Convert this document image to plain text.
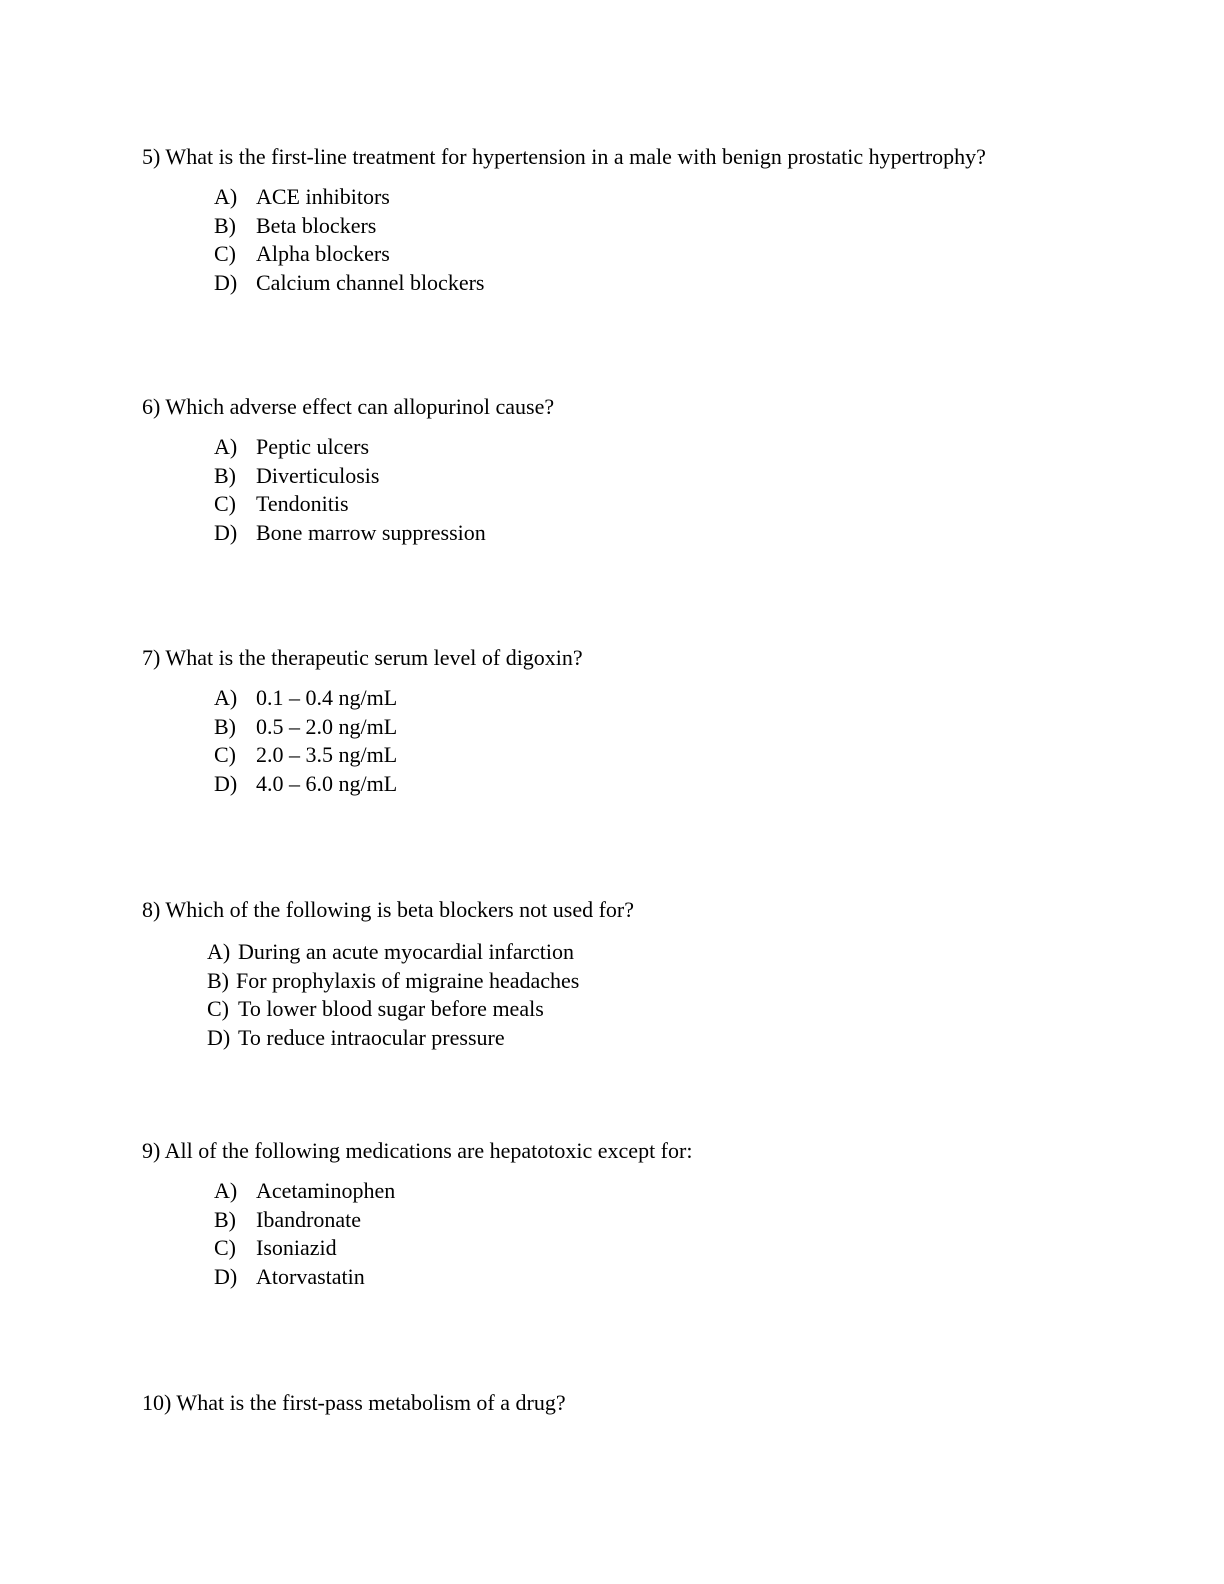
5) What is the first-line treatment for hypertension in a male with benign prostatic hypertrophy?

A) ACE inhibitors
B) Beta blockers
C) Alpha blockers
D) Calcium channel blockers

6) Which adverse effect can allopurinol cause?

A) Peptic ulcers
B) Diverticulosis
C) Tendonitis
D) Bone marrow suppression

7) What is the therapeutic serum level of digoxin?

A) 0.1 – 0.4 ng/mL
B) 0.5 – 2.0 ng/mL
C) 2.0 – 3.5 ng/mL
D) 4.0 – 6.0 ng/mL

8) Which of the following is beta blockers not used for?

A) During an acute myocardial infarction
B) For prophylaxis of migraine headaches
C) To lower blood sugar before meals
D) To reduce intraocular pressure

9) All of the following medications are hepatotoxic except for:

A) Acetaminophen
B) Ibandronate
C) Isoniazid
D) Atorvastatin

10) What is the first-pass metabolism of a drug?
